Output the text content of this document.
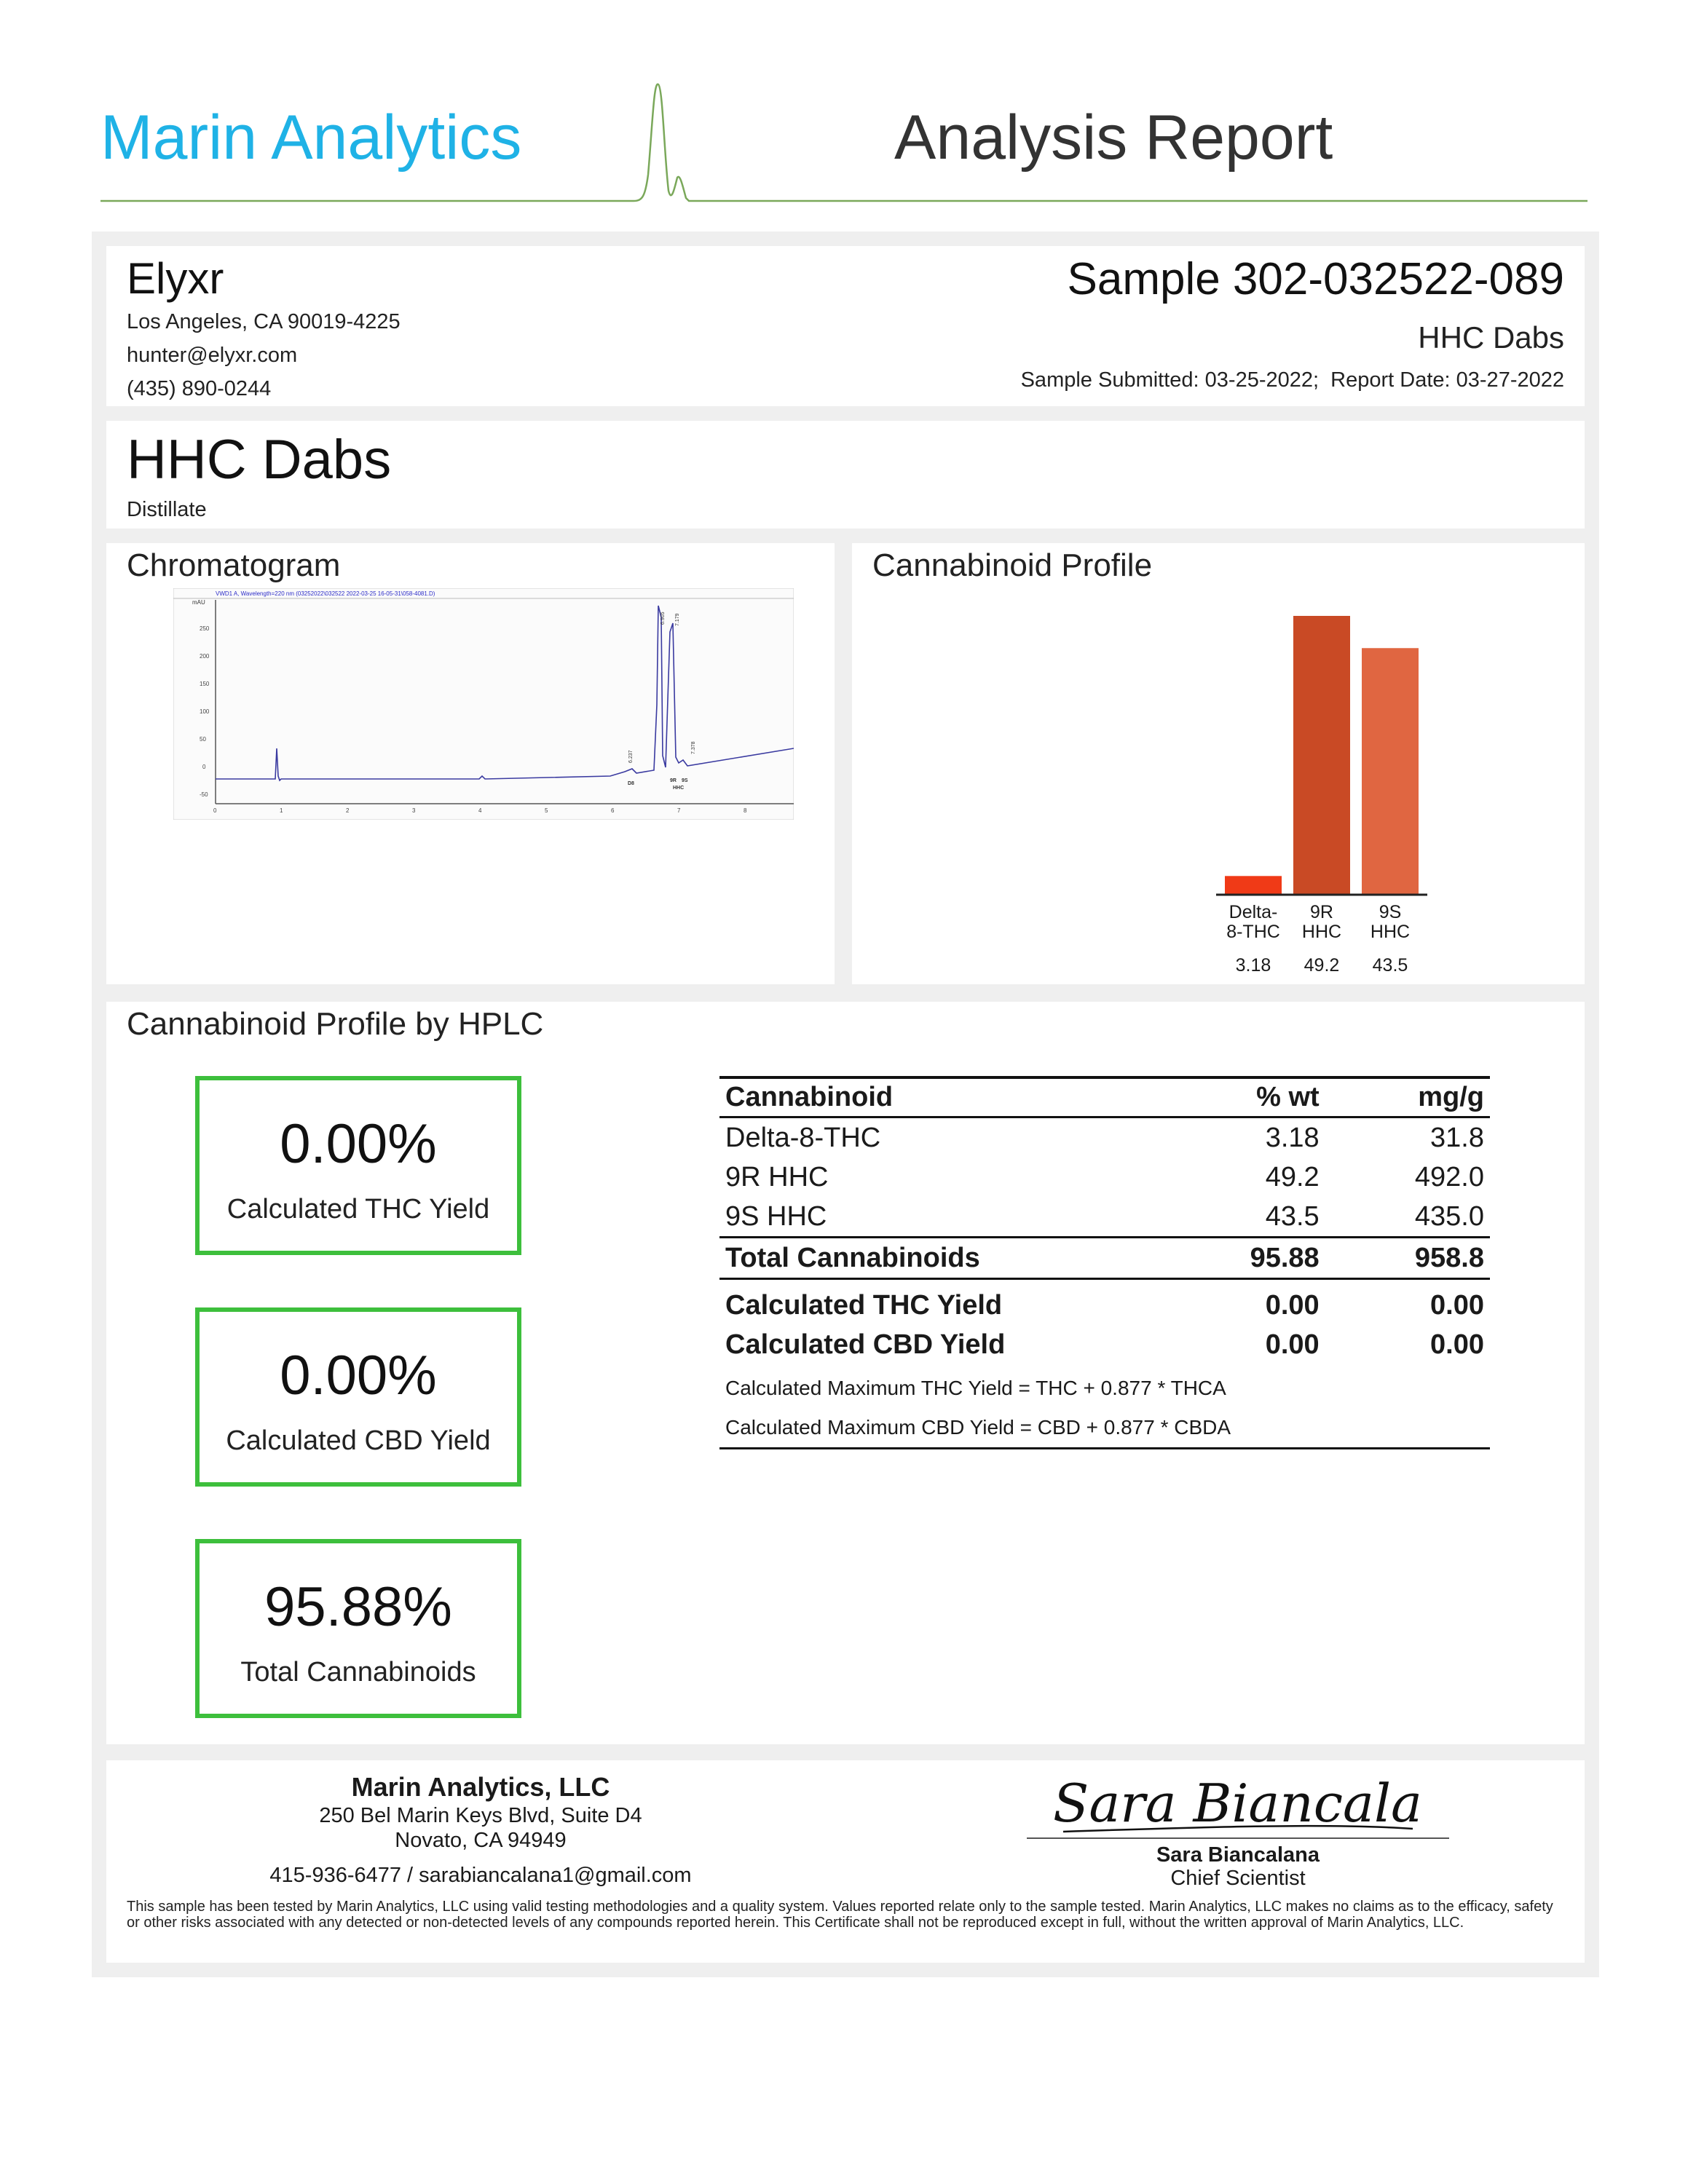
Marin Analytics	Analysis Report
Elyxr
Los Angeles, CA 90019-4225
hunter@elyxr.com
(435) 890-0244
Sample 302-032522-089
HHC Dabs
Sample Submitted: 03-25-2022;  Report Date: 03-27-2022
HHC Dabs
Distillate
Chromatogram
VWD1 A, Wavelength=220 nm (03252022\032522 2022-03-25 16-05-31\058-4081.D)
mAU
250
200
150
100
50
0
-50
0	1	2	3	4	5	6	7	8
D8
9R 9S
HHC
6.237
6.905 7.179
7.378
Cannabinoid Profile
Delta-
8-THC
3.18
9R
HHC
49.2
9S
HHC
43.5
Cannabinoid Profile by HPLC
0.00%
Calculated THC Yield
0.00%
Calculated CBD Yield
95.88%
Total Cannabinoids
Cannabinoid	% wt	mg/g
Delta-8-THC	3.18	31.8
9R HHC	49.2	492.0
9S HHC	43.5	435.0
Total Cannabinoids	95.88	958.8
Calculated THC Yield	0.00	0.00
Calculated CBD Yield	0.00	0.00
Calculated Maximum THC Yield = THC + 0.877 * THCA		
Calculated Maximum CBD Yield = CBD + 0.877 * CBDA		
Marin Analytics, LLC
250 Bel Marin Keys Blvd, Suite D4
Novato, CA 94949
415-936-6477 / sarabiancalana1@gmail.com
Sara Biancala
Sara Biancalana
Chief Scientist
This sample has been tested by Marin Analytics, LLC using valid testing methodologies and a quality system. Values reported relate only to the sample tested. Marin Analytics, LLC makes no claims as to the efficacy, safety or other risks associated with any detected or non-detected levels of any compounds reported herein. This Certificate shall not be reproduced except in full, without the written approval of Marin Analytics, LLC.
